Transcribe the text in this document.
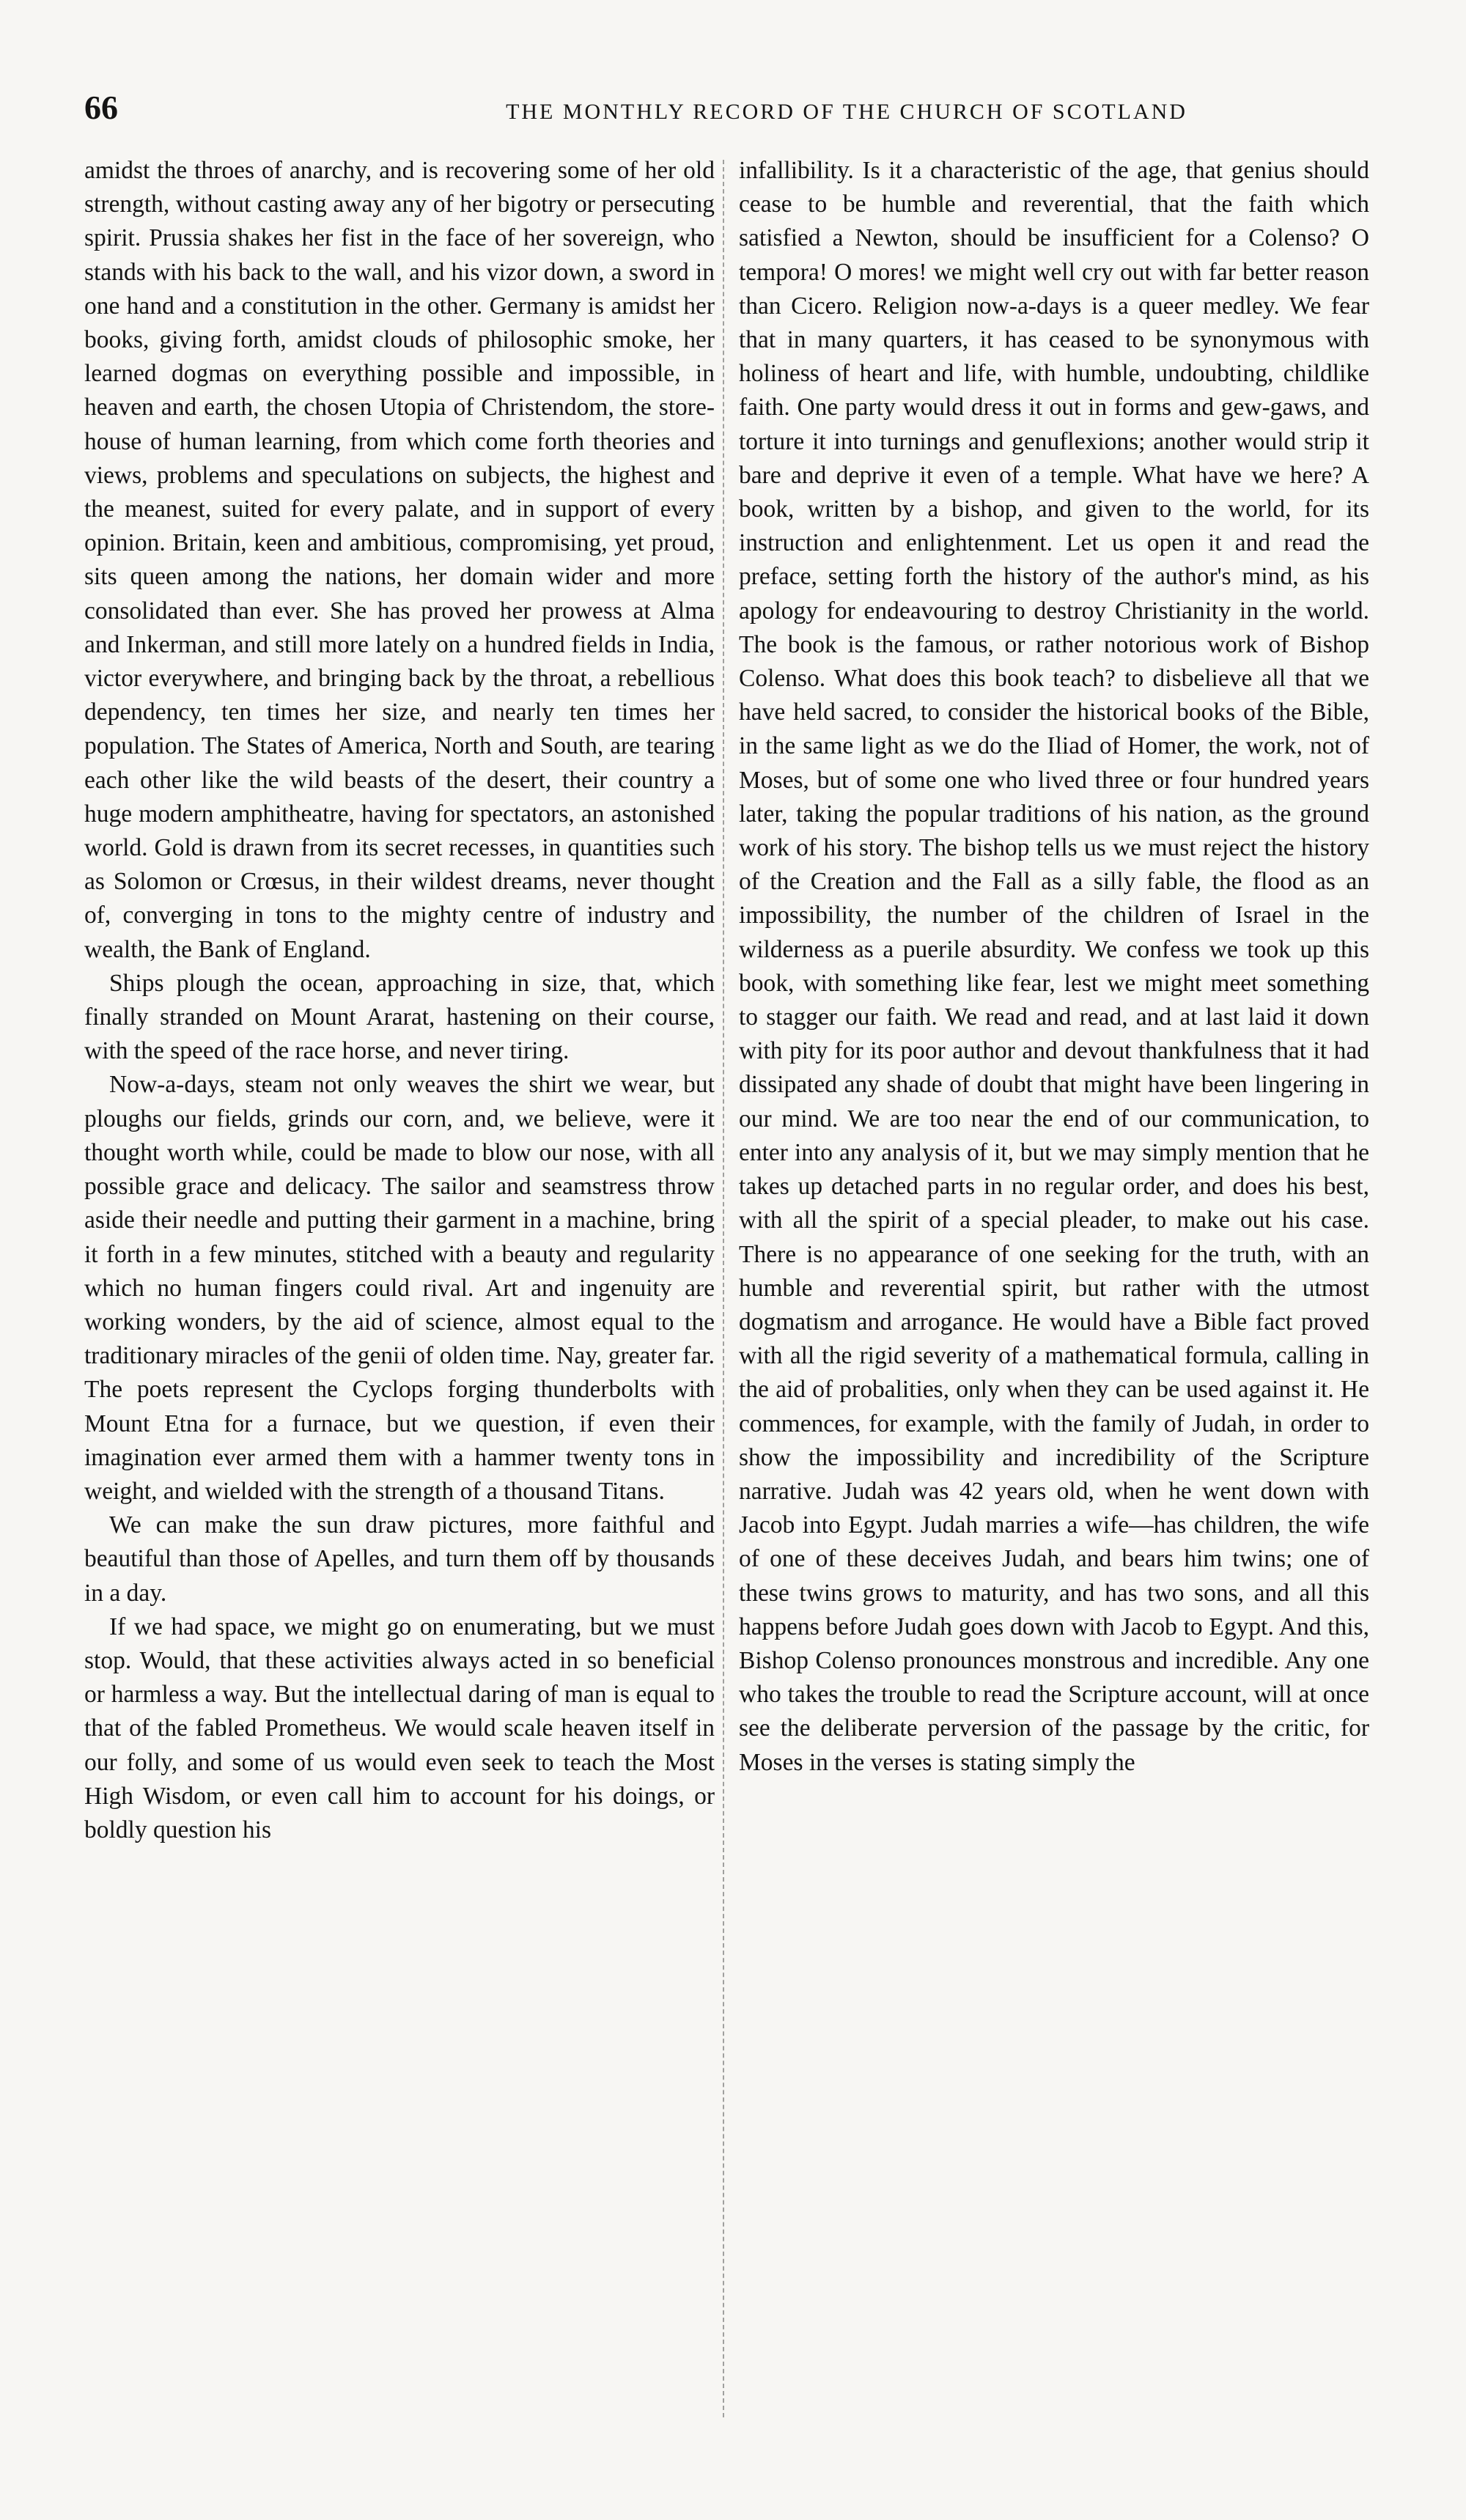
66	THE MONTHLY RECORD OF THE CHURCH OF SCOTLAND

amidst the throes of anarchy, and is recovering some of her old strength, without casting away any of her bigotry or persecuting spirit. Prussia shakes her fist in the face of her sovereign, who stands with his back to the wall, and his vizor down, a sword in one hand and a constitution in the other. Germany is amidst her books, giving forth, amidst clouds of philosophic smoke, her learned dogmas on everything possible and impossible, in heaven and earth, the chosen Utopia of Christendom, the store-house of human learning, from which come forth theories and views, problems and speculations on subjects, the highest and the meanest, suited for every palate, and in support of every opinion. Britain, keen and ambitious, compromising, yet proud, sits queen among the nations, her domain wider and more consolidated than ever. She has proved her prowess at Alma and Inkerman, and still more lately on a hundred fields in India, victor everywhere, and bringing back by the throat, a rebellious dependency, ten times her size, and nearly ten times her population. The States of America, North and South, are tearing each other like the wild beasts of the desert, their country a huge modern amphitheatre, having for spectators, an astonished world. Gold is drawn from its secret recesses, in quantities such as Solomon or Crœsus, in their wildest dreams, never thought of, converging in tons to the mighty centre of industry and wealth, the Bank of England.

Ships plough the ocean, approaching in size, that, which finally stranded on Mount Ararat, hastening on their course, with the speed of the race horse, and never tiring.

Now-a-days, steam not only weaves the shirt we wear, but ploughs our fields, grinds our corn, and, we believe, were it thought worth while, could be made to blow our nose, with all possible grace and delicacy. The sailor and seamstress throw aside their needle and putting their garment in a machine, bring it forth in a few minutes, stitched with a beauty and regularity which no human fingers could rival. Art and ingenuity are working wonders, by the aid of science, almost equal to the traditionary miracles of the genii of olden time. Nay, greater far. The poets represent the Cyclops forging thunderbolts with Mount Etna for a furnace, but we question, if even their imagination ever armed them with a hammer twenty tons in weight, and wielded with the strength of a thousand Titans.

We can make the sun draw pictures, more faithful and beautiful than those of Apelles, and turn them off by thousands in a day.

If we had space, we might go on enumerating, but we must stop. Would, that these activities always acted in so beneficial or harmless a way. But the intellectual daring of man is equal to that of the fabled Prometheus. We would scale heaven itself in our folly, and some of us would even seek to teach the Most High Wisdom, or even call him to account for his doings, or boldly question his

infallibility. Is it a characteristic of the age, that genius should cease to be humble and reverential, that the faith which satisfied a Newton, should be insufficient for a Colenso? O tempora! O mores! we might well cry out with far better reason than Cicero. Religion now-a-days is a queer medley. We fear that in many quarters, it has ceased to be synonymous with holiness of heart and life, with humble, undoubting, childlike faith. One party would dress it out in forms and gew-gaws, and torture it into turnings and genuflexions; another would strip it bare and deprive it even of a temple. What have we here? A book, written by a bishop, and given to the world, for its instruction and enlightenment. Let us open it and read the preface, setting forth the history of the author's mind, as his apology for endeavouring to destroy Christianity in the world. The book is the famous, or rather notorious work of Bishop Colenso. What does this book teach? to disbelieve all that we have held sacred, to consider the historical books of the Bible, in the same light as we do the Iliad of Homer, the work, not of Moses, but of some one who lived three or four hundred years later, taking the popular traditions of his nation, as the ground work of his story. The bishop tells us we must reject the history of the Creation and the Fall as a silly fable, the flood as an impossibility, the number of the children of Israel in the wilderness as a puerile absurdity. We confess we took up this book, with something like fear, lest we might meet something to stagger our faith. We read and read, and at last laid it down with pity for its poor author and devout thankfulness that it had dissipated any shade of doubt that might have been lingering in our mind. We are too near the end of our communication, to enter into any analysis of it, but we may simply mention that he takes up detached parts in no regular order, and does his best, with all the spirit of a special pleader, to make out his case. There is no appearance of one seeking for the truth, with an humble and reverential spirit, but rather with the utmost dogmatism and arrogance. He would have a Bible fact proved with all the rigid severity of a mathematical formula, calling in the aid of probalities, only when they can be used against it. He commences, for example, with the family of Judah, in order to show the impossibility and incredibility of the Scripture narrative. Judah was 42 years old, when he went down with Jacob into Egypt. Judah marries a wife—has children, the wife of one of these deceives Judah, and bears him twins; one of these twins grows to maturity, and has two sons, and all this happens before Judah goes down with Jacob to Egypt. And this, Bishop Colenso pronounces monstrous and incredible. Any one who takes the trouble to read the Scripture account, will at once see the deliberate perversion of the passage by the critic, for Moses in the verses is stating simply the
